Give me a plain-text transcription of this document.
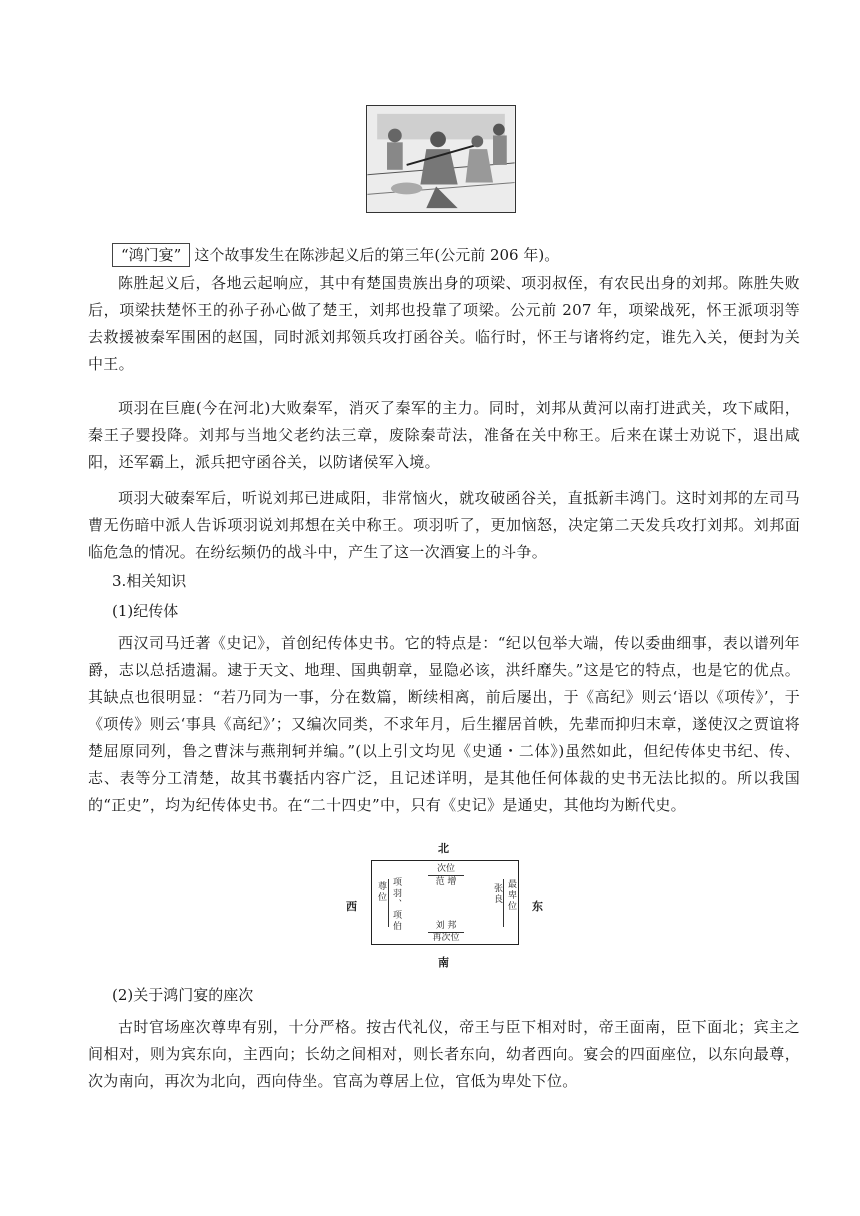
“鸿门宴” 这个故事发生在陈涉起义后的第三年(公元前 206 年)。

陈胜起义后，各地云起响应，其中有楚国贵族出身的项梁、项羽叔侄，有农民出身的刘邦。陈胜失败后，项梁扶楚怀王的孙子孙心做了楚王，刘邦也投靠了项梁。公元前 207 年，项梁战死，怀王派项羽等去救援被秦军围困的赵国，同时派刘邦领兵攻打函谷关。临行时，怀王与诸将约定，谁先入关，便封为关中王。

项羽在巨鹿(今在河北)大败秦军，消灭了秦军的主力。同时，刘邦从黄河以南打进武关，攻下咸阳，秦王子婴投降。刘邦与当地父老约法三章，废除秦苛法，准备在关中称王。后来在谋士劝说下，退出咸阳，还军霸上，派兵把守函谷关，以防诸侯军入境。

项羽大破秦军后，听说刘邦已进咸阳，非常恼火，就攻破函谷关，直抵新丰鸿门。这时刘邦的左司马曹无伤暗中派人告诉项羽说刘邦想在关中称王。项羽听了，更加恼怒，决定第二天发兵攻打刘邦。刘邦面临危急的情况。在纷纭频仍的战斗中，产生了这一次酒宴上的斗争。

3.相关知识
(1)纪传体

西汉司马迁著《史记》，首创纪传体史书。它的特点是：“纪以包举大端，传以委曲细事，表以谱列年爵，志以总括遗漏。逮于天文、地理、国典朝章，显隐必该，洪纤靡失。”这是它的特点，也是它的优点。其缺点也很明显：“若乃同为一事，分在数篇，断续相离，前后屡出，于《高纪》则云‘语以《项传》’，于《项传》则云‘事具《高纪》’；又编次同类，不求年月，后生擢居首帙，先辈而抑归末章，遂使汉之贾谊将楚屈原同列，鲁之曹沫与燕荆轲并编。”(以上引文均见《史通・二体》)虽然如此，但纪传体史书纪、传、志、表等分工清楚，故其书囊括内容广泛，且记述详明，是其他任何体裁的史书无法比拟的。所以我国的“正史”，均为纪传体史书。在“二十四史”中，只有《史记》是通史，其他均为断代史。

北
南
西	东
次位
范 增
尊位 项羽、项伯	张良 最卑位
刘 邦
再次位
(2)关于鸿门宴的座次

古时官场座次尊卑有别，十分严格。按古代礼仪，帝王与臣下相对时，帝王面南，臣下面北；宾主之间相对，则为宾东向，主西向；长幼之间相对，则长者东向，幼者西向。宴会的四面座位，以东向最尊，次为南向，再次为北向，西向侍坐。官高为尊居上位，官低为卑处下位。
